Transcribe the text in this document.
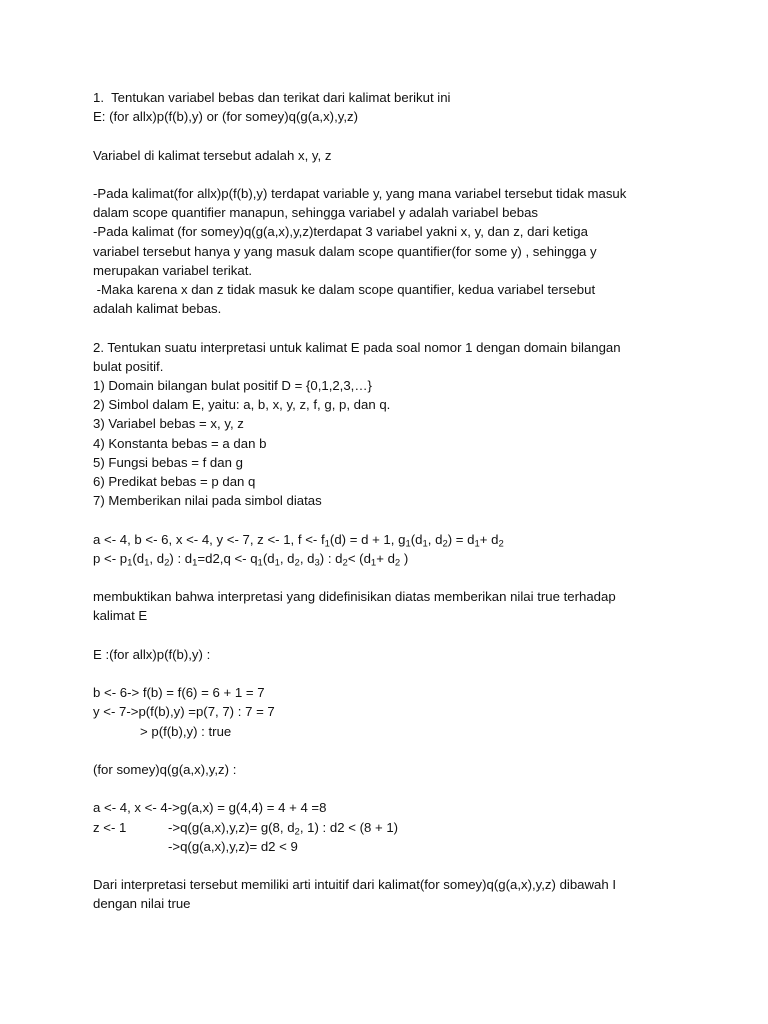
1.  Tentukan variabel bebas dan terikat dari kalimat berikut ini
E: (for allx)p(f(b),y) or (for somey)q(g(a,x),y,z)
Variabel di kalimat tersebut adalah x, y, z
-Pada kalimat(for allx)p(f(b),y) terdapat variable y, yang mana variabel tersebut tidak masuk
dalam scope quantifier manapun, sehingga variabel y adalah variabel bebas
-Pada kalimat (for somey)q(g(a,x),y,z)terdapat 3 variabel yakni x, y, dan z, dari ketiga
variabel tersebut hanya y yang masuk dalam scope quantifier(for some y) , sehingga y
merupakan variabel terikat.
-Maka karena x dan z tidak masuk ke dalam scope quantifier, kedua variabel tersebut
adalah kalimat bebas.
2. Tentukan suatu interpretasi untuk kalimat E pada soal nomor 1 dengan domain bilangan
bulat positif.
1) Domain bilangan bulat positif D = {0,1,2,3,…}
2) Simbol dalam E, yaitu: a, b, x, y, z, f, g, p, dan q.
3) Variabel bebas = x, y, z
4) Konstanta bebas = a dan b
5) Fungsi bebas = f dan g
6) Predikat bebas = p dan q
7) Memberikan nilai pada simbol diatas
a <- 4, b <- 6, x <- 4, y <- 7, z <- 1, $f <- f_1(d) = d + 1$, $g_1(d_1$, $d_2) = d_1+ d_2$
$p <- p_1(d_1$, $d_2$) : $d_1=d2,q <- q_1(d_1$, $d_2$, $d_3$) : $d_2< (d_1+ d_2$ )
membuktikan bahwa interpretasi yang didefinisikan diatas memberikan nilai true terhadap
kalimat E
E :(for allx)p(f(b),y) :
b <- 6-> f(b) = f(6) = 6 + 1 = 7
y <- 7->p(f(b),y) =p(7, 7) : 7 = 7
> p(f(b),y) : true
(for somey)q(g(a,x),y,z) :
a <- 4, x <- 4->g(a,x) = g(4,4) = 4 + 4 =8
z <- 1	->q(g(a,x),y,z)= g(8, $d_2$, 1) : d2 < (8 + 1)
->q(g(a,x),y,z)= d2 < 9
Dari interpretasi tersebut memiliki arti intuitif dari kalimat(for somey)q(g(a,x),y,z) dibawah I
dengan nilai true
